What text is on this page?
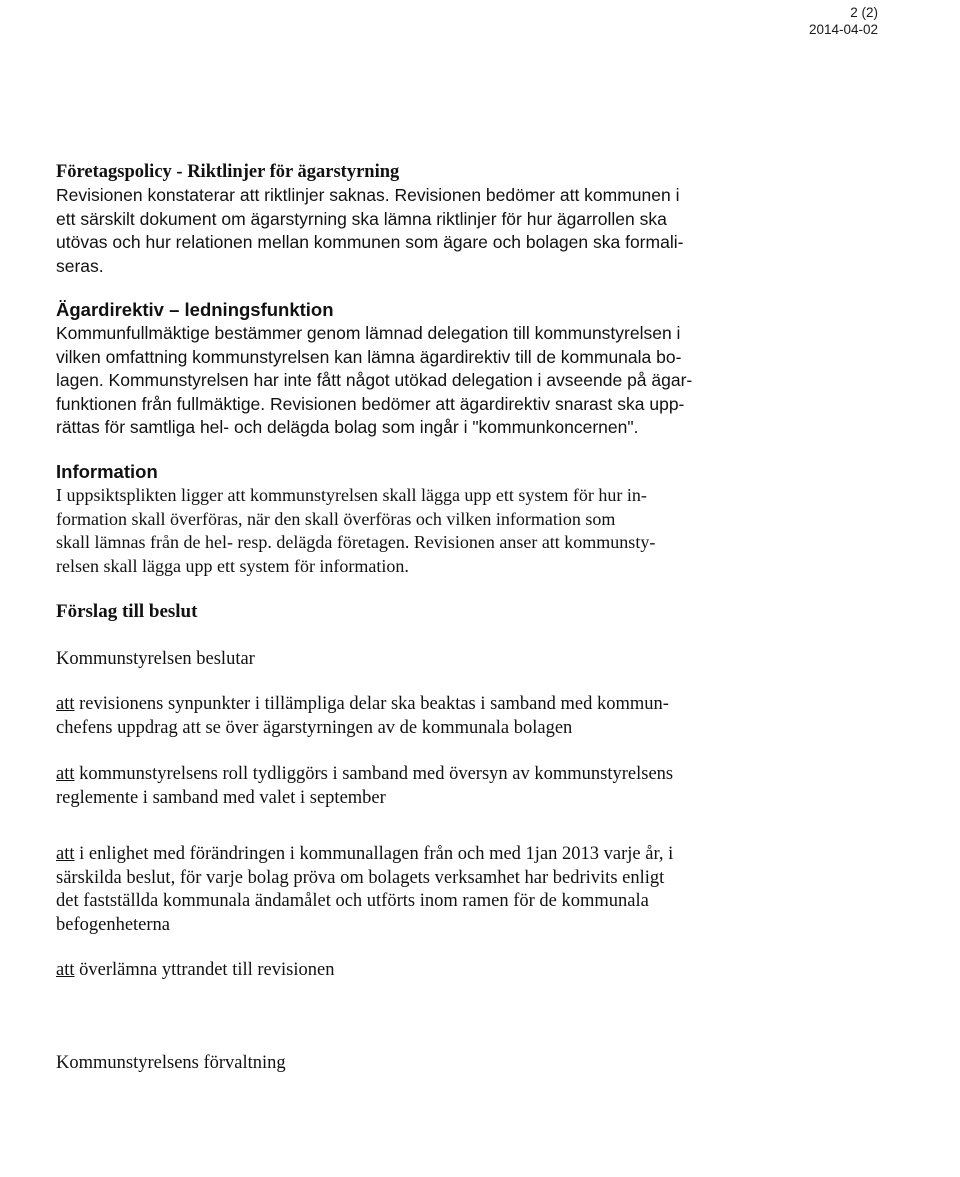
2 (2)
2014-04-02
Företagspolicy - Riktlinjer för ägarstyrning
Revisionen konstaterar att riktlinjer saknas. Revisionen bedömer att kommunen i
ett särskilt dokument om ägarstyrning ska lämna riktlinjer för hur ägarrollen ska
utövas och hur relationen mellan kommunen som ägare och bolagen ska formali-
seras.
Ägardirektiv – ledningsfunktion
Kommunfullmäktige bestämmer genom lämnad delegation till kommunstyrelsen i
vilken omfattning kommunstyrelsen kan lämna ägardirektiv till de kommunala bo-
lagen. Kommunstyrelsen har inte fått något utökad delegation i avseende på ägar-
funktionen från fullmäktige. Revisionen bedömer att ägardirektiv snarast ska upp-
rättas för samtliga hel- och delägda bolag som ingår i "kommunkoncernen".
Information
I uppsiktsplikten ligger att kommunstyrelsen skall lägga upp ett system för hur in-
formation skall överföras, när den skall överföras och vilken information som
skall lämnas från de hel- resp. delägda företagen. Revisionen anser att kommunsty-
relsen skall lägga upp ett system för information.
Förslag till beslut
Kommunstyrelsen beslutar
att revisionens synpunkter i tillämpliga delar ska beaktas i samband med kommun-
chefens uppdrag att se över ägarstyrningen av de kommunala bolagen
att kommunstyrelsens roll tydliggörs i samband med översyn av kommunstyrelsens
reglemente i samband med valet i september
att i enlighet med förändringen i kommunallagen från och med 1jan 2013 varje år, i
särskilda beslut, för varje bolag pröva om bolagets verksamhet har bedrivits enligt
det fastställda kommunala ändamålet och utförts inom ramen för de kommunala
befogenheterna
att överlämna yttrandet till revisionen
Kommunstyrelsens förvaltning
